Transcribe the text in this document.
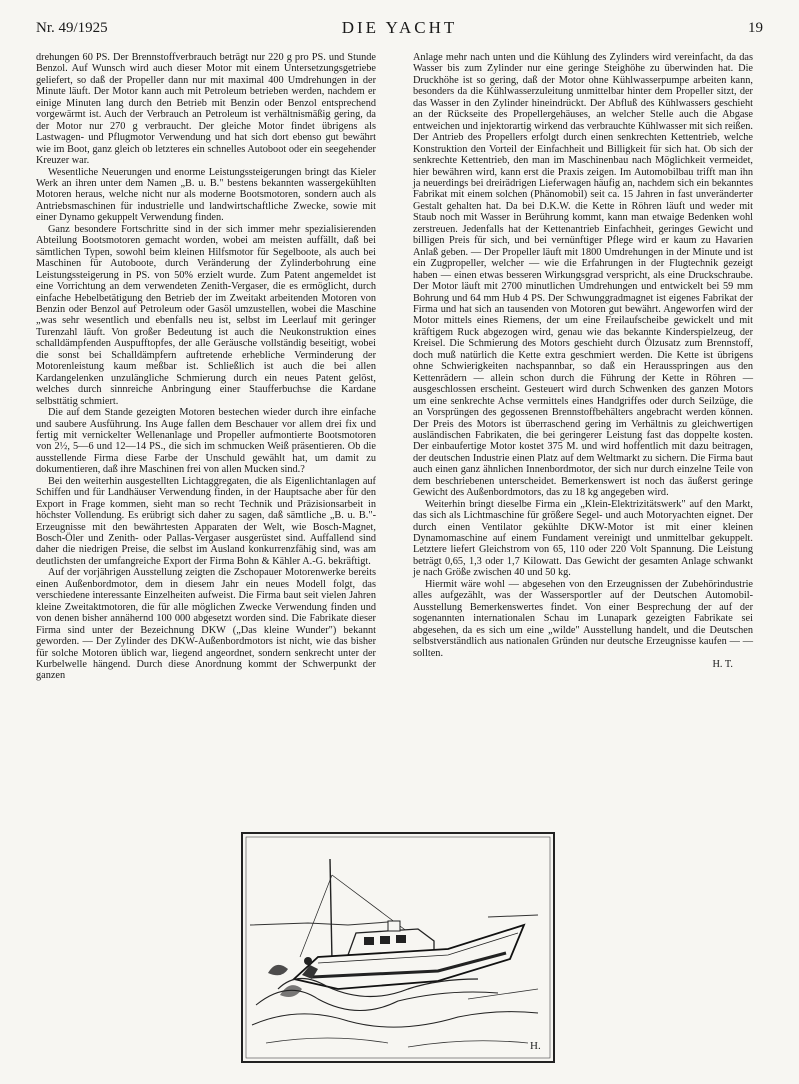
Nr. 49/1925	DIE YACHT	19

drehungen 60 PS. Der Brennstoffverbrauch beträgt nur 220 g pro PS. und Stunde Benzol. Auf Wunsch wird auch dieser Motor mit einem Untersetzungsgetriebe geliefert, so daß der Propeller dann nur mit maximal 400 Umdrehungen in der Minute läuft. Der Motor kann auch mit Petroleum betrieben werden, nachdem er einige Minuten lang durch den Betrieb mit Benzin oder Benzol entsprechend vorgewärmt ist. Auch der Verbrauch an Petroleum ist verhältnismäßig gering, da der Motor nur 270 g verbraucht. Der gleiche Motor findet übrigens als Lastwagen- und Pflugmotor Verwendung und hat sich dort ebenso gut bewährt wie im Boot, ganz gleich ob letzteres ein schnelles Autoboot oder ein seegehender Kreuzer war.

Wesentliche Neuerungen und enorme Leistungssteigerungen bringt das Kieler Werk an ihren unter dem Namen „B. u. B." bestens bekannten wassergekühlten Motoren heraus, welche nicht nur als moderne Bootsmotoren, sondern auch als Antriebsmaschinen für industrielle und landwirtschaftliche Zwecke, sowie mit einer Dynamo gekuppelt Verwendung finden.

Ganz besondere Fortschritte sind in der sich immer mehr spezialisierenden Abteilung Bootsmotoren gemacht worden, wobei am meisten auffällt, daß bei sämtlichen Typen, sowohl beim kleinen Hilfsmotor für Segelboote, als auch bei Maschinen für Autoboote, durch Veränderung der Zylinderbohrung eine Leistungssteigerung in PS. von 50% erzielt wurde. Zum Patent angemeldet ist eine Vorrichtung an dem verwendeten Zenith-Vergaser, die es ermöglicht, durch einfache Hebelbetätigung den Betrieb der im Zweitakt arbeitenden Motoren von Benzin oder Benzol auf Petroleum oder Gasöl umzustellen, wobei die Maschine „was sehr wesentlich und ebenfalls neu ist, selbst im Leerlauf mit geringer Turenzahl läuft. Von großer Bedeutung ist auch die Neukonstruktion eines schalldämpfenden Auspufftopfes, der alle Geräusche vollständig beseitigt, wobei die sonst bei Schalldämpfern auftretende erhebliche Verminderung der Motorenleistung kaum meßbar ist. Schließlich ist auch die bei allen Kardangelenken unzulängliche Schmierung durch ein neues Patent gelöst, welches durch sinnreiche Anbringung einer Staufferbuchse die Kardane selbsttätig schmiert.

Die auf dem Stande gezeigten Motoren bestechen wieder durch ihre einfache und saubere Ausführung. Ins Auge fallen dem Beschauer vor allem drei fix und fertig mit vernickelter Wellenanlage und Propeller aufmontierte Bootsmotoren von 2½, 5—6 und 12—14 PS., die sich im schmucken Weiß präsentieren. Ob die ausstellende Firma diese Farbe der Unschuld gewählt hat, um damit zu dokumentieren, daß ihre Maschinen frei von allen Mucken sind.?

Bei den weiterhin ausgestellten Lichtaggregaten, die als Eigenlichtanlagen auf Schiffen und für Landhäuser Verwendung finden, in der Hauptsache aber für den Export in Frage kommen, sieht man so recht Technik und Präzisionsarbeit in höchster Vollendung. Es erübrigt sich daher zu sagen, daß sämtliche „B. u. B."-Erzeugnisse mit den bewährtesten Apparaten der Welt, wie Bosch-Magnet, Bosch-Öler und Zenith- oder Pallas-Vergaser ausgerüstet sind. Auffallend sind daher die niedrigen Preise, die selbst im Ausland konkurrenzfähig sind, was am deutlichsten der umfangreiche Export der Firma Bohn & Kähler A.-G. bekräftigt.

Auf der vorjährigen Ausstellung zeigten die Zschopauer Motorenwerke bereits einen Außenbordmotor, dem in diesem Jahr ein neues Modell folgt, das verschiedene interessante Einzelheiten aufweist. Die Firma baut seit vielen Jahren kleine Zweitaktmotoren, die für alle möglichen Zwecke Verwendung finden und von denen bisher annähernd 100 000 abgesetzt worden sind. Die Fabrikate dieser Firma sind unter der Bezeichnung DKW („Das kleine Wunder") bekannt geworden. — Der Zylinder des DKW-Außenbordmotors ist nicht, wie das bisher für solche Motoren üblich war, liegend angeordnet, sondern senkrecht unter der Kurbelwelle hängend. Durch diese Anordnung kommt der Schwerpunkt der ganzen

Anlage mehr nach unten und die Kühlung des Zylinders wird vereinfacht, da das Wasser bis zum Zylinder nur eine geringe Steighöhe zu überwinden hat. Die Druckhöhe ist so gering, daß der Motor ohne Kühlwasserpumpe arbeiten kann, besonders da die Kühlwasserzuleitung unmittelbar hinter dem Propeller sitzt, der das Wasser in den Zylinder hineindrückt. Der Abfluß des Kühlwassers geschieht an der Rückseite des Propellergehäuses, an welcher Stelle auch die Abgase entweichen und injektorartig wirkend das verbrauchte Kühlwasser mit sich reißen. Der Antrieb des Propellers erfolgt durch einen senkrechten Kettentrieb, welche Konstruktion den Vorteil der Einfachheit und Billigkeit für sich hat. Ob sich der senkrechte Kettentrieb, den man im Maschinenbau nach Möglichkeit vermeidet, hier bewähren wird, kann erst die Praxis zeigen. Im Automobilbau trifft man ihn ja neuerdings bei dreirädrigen Lieferwagen häufig an, nachdem sich ein bekanntes Fabrikat mit einem solchen (Phänomobil) seit ca. 15 Jahren in fast unveränderter Gestalt gehalten hat. Da bei D.K.W. die Kette in Röhren läuft und weder mit Staub noch mit Wasser in Berührung kommt, kann man etwaige Bedenken wohl zerstreuen. Jedenfalls hat der Kettenantrieb Einfachheit, geringes Gewicht und billigen Preis für sich, und bei vernünftiger Pflege wird er kaum zu Havarien Anlaß geben. — Der Propeller läuft mit 1800 Umdrehungen in der Minute und ist ein Zugpropeller, welcher — wie die Erfahrungen in der Flugtechnik gezeigt haben — einen etwas besseren Wirkungsgrad verspricht, als eine Druckschraube. Der Motor läuft mit 2700 minutlichen Umdrehungen und entwickelt bei 59 mm Bohrung und 64 mm Hub 4 PS. Der Schwunggradmagnet ist eigenes Fabrikat der Firma und hat sich an tausenden von Motoren gut bewährt. Angeworfen wird der Motor mittels eines Riemens, der um eine Freilaufscheibe gewickelt und mit kräftigem Ruck abgezogen wird, genau wie das bekannte Kinderspielzeug, der Kreisel. Die Schmierung des Motors geschieht durch Ölzusatz zum Brennstoff, doch muß natürlich die Kette extra geschmiert werden. Die Kette ist übrigens ohne Schwierigkeiten nachspannbar, so daß ein Herausspringen aus den Kettenrädern — allein schon durch die Führung der Kette in Röhren — ausgeschlossen erscheint. Gesteuert wird durch Schwenken des ganzen Motors um eine senkrechte Achse vermittels eines Handgriffes oder durch Seilzüge, die an Vorsprüngen des gegossenen Brennstoffbehälters angebracht werden können. Der Preis des Motors ist überraschend gering im Verhältnis zu gleichwertigen ausländischen Fabrikaten, die bei geringerer Leistung fast das doppelte kosten. Der einbaufertige Motor kostet 375 M. und wird hoffentlich mit dazu beitragen, der deutschen Industrie einen Platz auf dem Weltmarkt zu sichern. Die Firma baut auch einen ganz ähnlichen Innenbordmotor, der sich nur durch einzelne Teile von dem beschriebenen unterscheidet. Bemerkenswert ist noch das äußerst geringe Gewicht des Außenbordmotors, das zu 18 kg angegeben wird.

Weiterhin bringt dieselbe Firma ein „Klein-Elektrizitätswerk" auf den Markt, das sich als Lichtmaschine für größere Segel- und auch Motoryachten eignet. Der durch einen Ventilator gekühlte DKW-Motor ist mit einer kleinen Dynamomaschine auf einem Fundament vereinigt und unmittelbar gekuppelt. Letztere liefert Gleichstrom von 65, 110 oder 220 Volt Spannung. Die Leistung beträgt 0,65, 1,3 oder 1,7 Kilowatt. Das Gewicht der gesamten Anlage schwankt je nach Größe zwischen 40 und 50 kg.

Hiermit wäre wohl — abgesehen von den Erzeugnissen der Zubehörindustrie alles aufgezählt, was der Wassersportler auf der Deutschen Automobil-Ausstellung Bemerkenswertes findet. Von einer Besprechung der auf der sogenannten internationalen Schau im Lunapark gezeigten Fabrikate sei abgesehen, da es sich um eine „wilde" Ausstellung handelt, und die Deutschen selbstverständlich aus nationalen Gründen nur deutsche Erzeugnisse kaufen — — sollten.

H. T.
H.
